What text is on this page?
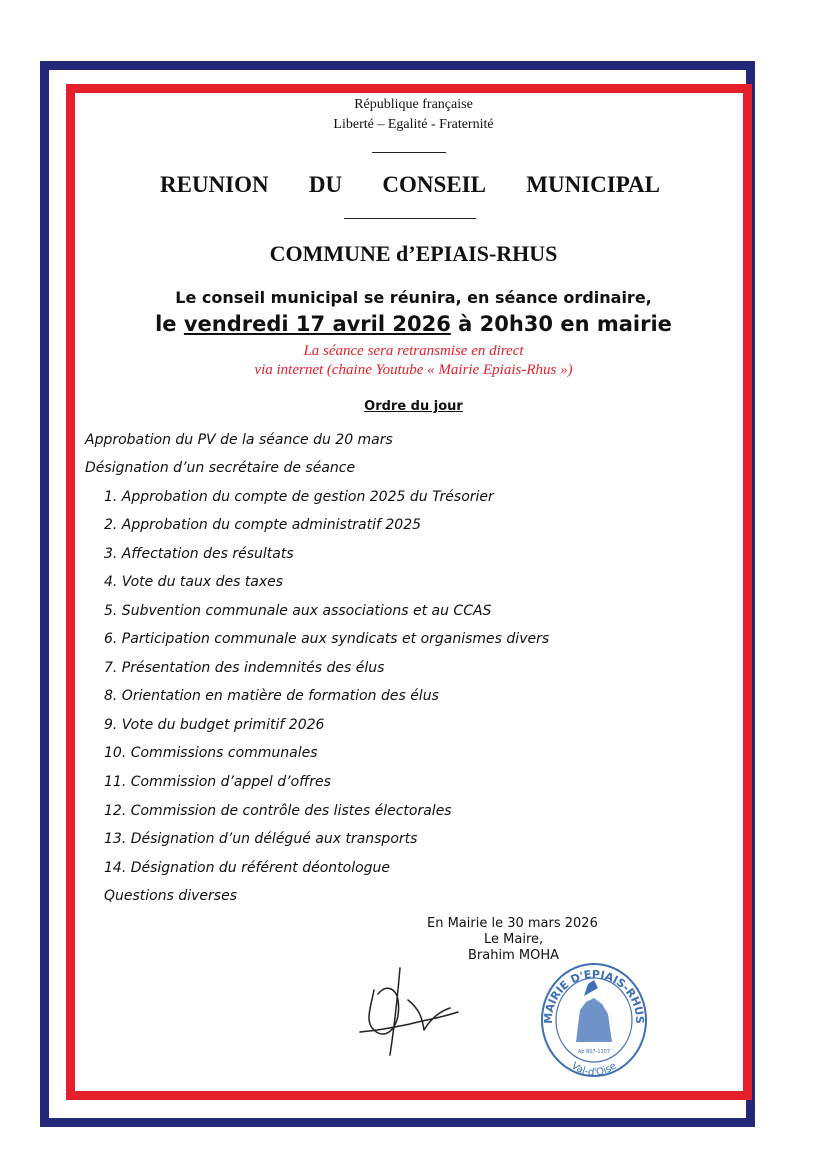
République française
Liberté – Egalité - Fraternité
REUNION DU CONSEIL MUNICIPAL
COMMUNE d’EPIAIS-RHUS
Le conseil municipal se réunira, en séance ordinaire,
le vendredi 17 avril 2026 à 20h30 en mairie
La séance sera retransmise en direct
via internet (chaine Youtube « Mairie Epiais-Rhus »)
Ordre du jour
Approbation du PV de la séance du 20 mars
Désignation d’un secrétaire de séance
1. Approbation du compte de gestion 2025 du Trésorier
2. Approbation du compte administratif 2025
3. Affectation des résultats
4. Vote du taux des taxes
5. Subvention communale aux associations et au CCAS
6. Participation communale aux syndicats et organismes divers
7. Présentation des indemnités des élus
8. Orientation en matière de formation des élus
9. Vote du budget primitif 2026
10. Commissions communales
11. Commission d’appel d’offres
12. Commission de contrôle des listes électorales
13. Désignation d’un délégué aux transports
14. Désignation du référent déontologue
Questions diverses
En Mairie le 30 mars 2026
Le Maire,
Brahim MOHA
MAIRIE D'EPIAIS-RHUS
Val-d'Oise
Ap 807-1207
